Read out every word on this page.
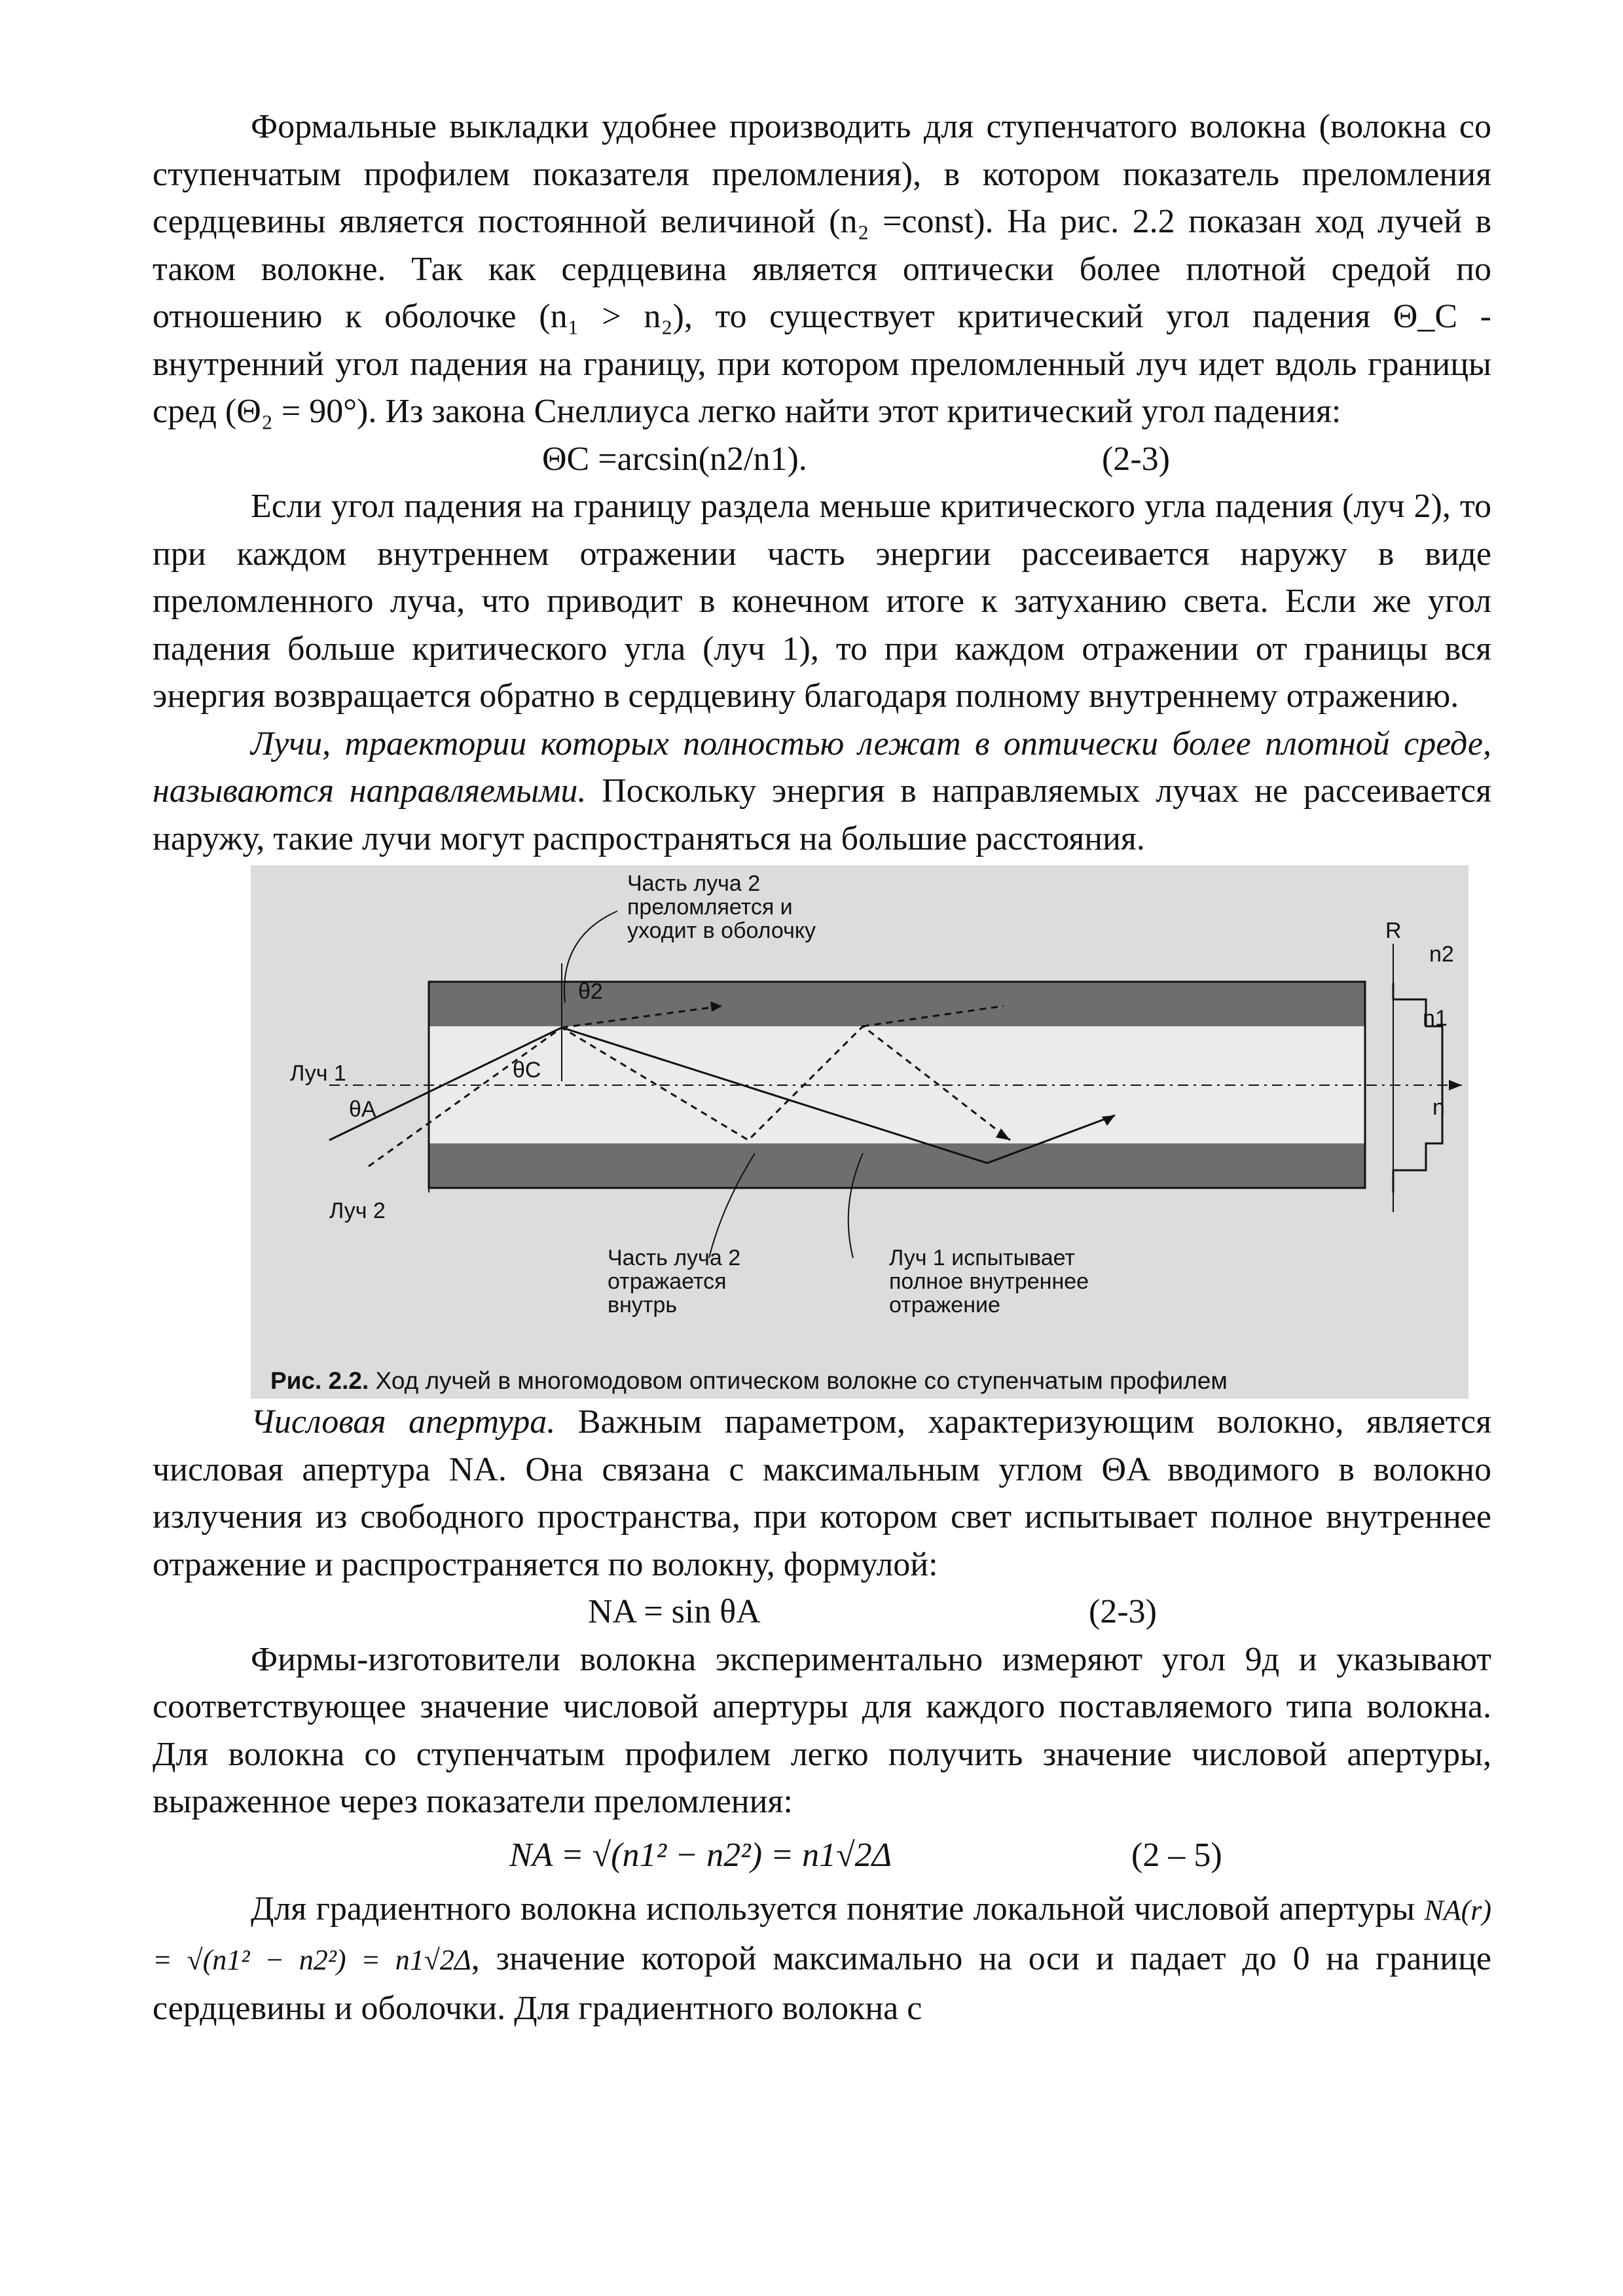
Формальные выкладки удобнее производить для ступенчатого волокна (волокна со ступенчатым профилем показателя преломления), в котором показатель преломления сердцевины является постоянной величиной (n₂ =const). На рис. 2.2 показан ход лучей в таком волокне. Так как сердцевина является оптически более плотной средой по отношению к оболочке (n₁ > n₂), то существует критический угол падения Θ_C - внутренний угол падения на границу, при котором преломленный луч идет вдоль границы сред (Θ₂ = 90°). Из закона Снеллиуса легко найти этот критический угол падения:

ΘC =arcsin(n2/n1).	(2-3)

Если угол падения на границу раздела меньше критического угла падения (луч 2), то при каждом внутреннем отражении часть энергии рассеивается наружу в виде преломленного луча, что приводит в конечном итоге к затуханию света. Если же угол падения больше критического угла (луч 1), то при каждом отражении от границы вся энергия возвращается обратно в сердцевину благодаря полному внутреннему отражению.

Лучи, траектории которых полностью лежат в оптически более плотной среде, называются направляемыми. Поскольку энергия в направляемых лучах не рассеивается наружу, такие лучи могут распространяться на большие расстояния.

Часть луча 2
преломляется и
уходит в оболочку
Часть луча 2
отражается
внутрь
Луч 1 испытывает
полное внутреннее
отражение
Луч 1
Луч 2
θ2
θC
θA
R
n2
n1
n
Рис. 2.2. Ход лучей в многомодовом оптическом волокне со ступенчатым профилем

Числовая апертура. Важным параметром, характеризующим волокно, является числовая апертура NA. Она связана с максимальным углом ΘA вводимого в волокно излучения из свободного пространства, при котором свет испытывает полное внутреннее отражение и распространяется по волокну, формулой:

NA = sin θA	(2-3)

Фирмы-изготовители волокна экспериментально измеряют угол 9д и указывают соответствующее значение числовой апертуры для каждого поставляемого типа волокна. Для волокна со ступенчатым профилем легко получить значение числовой апертуры, выраженное через показатели преломления:

NA = √(n1² − n2²) = n1√2Δ	(2 – 5)

Для градиентного волокна используется понятие локальной числовой апертуры NA(r) = √(n1² − n2²) = n1√2Δ, значение которой максимально на оси и падает до 0 на границе сердцевины и оболочки. Для градиентного волокна с
